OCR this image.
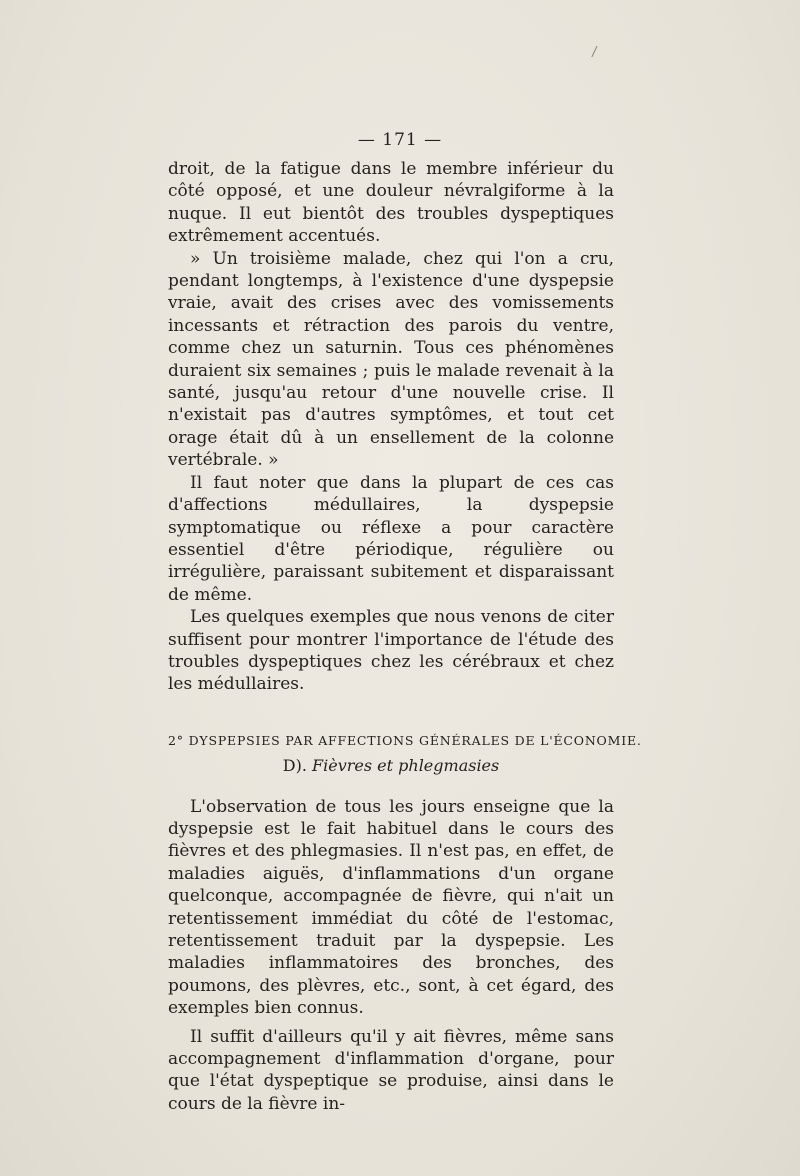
/
— 171 —

droit, de la fatigue dans le membre inférieur du côté opposé, et une douleur névralgiforme à la nuque. Il eut bientôt des troubles dyspeptiques extrêmement accentués.

» Un troisième malade, chez qui l'on a cru, pendant longtemps, à l'existence d'une dyspepsie vraie, avait des crises avec des vomissements incessants et rétraction des parois du ventre, comme chez un saturnin. Tous ces phénomènes duraient six semaines ; puis le malade revenait à la santé, jusqu'au retour d'une nouvelle crise. Il n'existait pas d'autres symptômes, et tout cet orage était dû à un ensellement de la colonne vertébrale. »

Il faut noter que dans la plupart de ces cas d'affections médullaires, la dyspepsie symptomatique ou réflexe a pour caractère essentiel d'être périodique, régulière ou irrégulière, paraissant subitement et disparaissant de même.

Les quelques exemples que nous venons de citer suffisent pour montrer l'importance de l'étude des troubles dyspeptiques chez les cérébraux et chez les médullaires.

2° DYSPEPSIES PAR AFFECTIONS GÉNÉRALES DE L'ÉCONOMIE.
D). Fièvres et phlegmasies

L'observation de tous les jours enseigne que la dyspepsie est le fait habituel dans le cours des fièvres et des phlegmasies. Il n'est pas, en effet, de maladies aiguës, d'inflammations d'un organe quelconque, accompagnée de fièvre, qui n'ait un retentissement immédiat du côté de l'estomac, retentissement traduit par la dyspepsie. Les maladies inflammatoires des bronches, des poumons, des plèvres, etc., sont, à cet égard, des exemples bien connus.

Il suffit d'ailleurs qu'il y ait fièvres, même sans accompagnement d'inflammation d'organe, pour que l'état dyspeptique se produise, ainsi dans le cours de la fièvre in-
